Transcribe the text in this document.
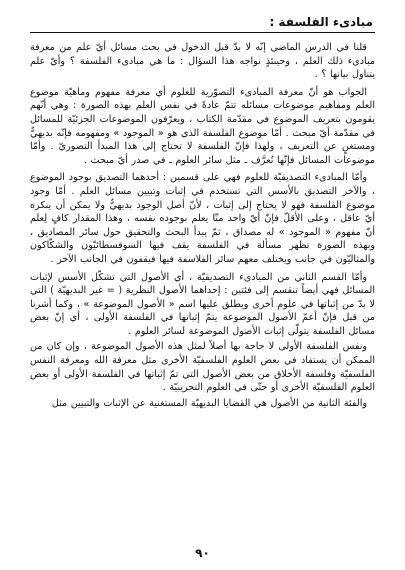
مبادىء الفلسفة :

قلنا في الدرس الماضي إنّه لا بدّ قبل الدخول في بحث مسائل أيّ علم من معرفة مبادىء ذلك العلم ، وحينئذٍ نواجه هذا السؤال : ما هي مبادىء الفلسفة ؟ وأيّ علم يتناول بيانها ؟ .

الجواب هو أنّ معرفة المبادىء التصوّرية للعلوم أي معرفة مفهوم وماهيّة موضوع العلم ومفاهيم موضوعات مسائله تتمّ عادةً في نفس العلم بهذه الصورة : وهي أنّهم يقومون بتعريف الموضوع في مقدّمة الكتاب ، ويعرّفون الموضوعات الجزئيّة للمسائل في مقدّمة أيّ مبحث . أمّا موضوع الفلسفة الذي هو « الموجود » ومفهومه فإنّه بديهيٌّ ومستغنٍ عن التعريف ، ولهذا فإنّ الفلسفة لا تحتاج إلى هذا المبدأ التصوريّ . وأمّا موضوعات المسائل فإنّها تُعرَّف ـ مثل سائر العلوم ـ في صدر أيّ مبحث .

وأمّا المبادىء التصديقيّة للعلوم فهي على قسمين : أحدهما التصديق بوجود الموضوع ، والآخر التصديق بالأسس التي تستخدم في إثبات وتبيين مسائل العلم . أمّا وجود موضوع الفلسفة فهو لا يحتاج إلى إثبات ، لأنّ أصل الوجود بديهيٌّ ولا يمكن أن ينكره أيّ عاقل ، وعلى الأقلّ فإنّ أيّ واحد منّا يعلم بوجوده نفسه ، وهذا المقدار كافٍ لِعلم أنّ مفهوم « الموجود » له مصداق ، ثمّ يبدأ البحث والتحقيق حول سائر المصاديق ، وبهذه الصورة تظهر مسألة في الفلسفة يقف فيها السوفسطائيّون والشكّاكون والمثاليّون في جانب ويختلف معهم سائر الفلاسفة فيها فيقفون في الجانب الآخر .

وأمّا القسم الثاني من المبادىء التصديقيّة ، أي الأصول التي تشكّل الأسس لإثبات المسائل فهي أيضاً تنقسم إلى فئتين : إحداهما الأصول النظرية ( = غير البديهيّة ) التي لا بدّ من إثباتها في علوم أخرى ويطلق عليها اسم « الأصول الموضوعة » ، وكما أشرنا من قبل فإنّ أعمّ الأصول الموضوعة يتمّ إثباتها في الفلسفة الأولى ، أي إنّ بعض مسائل الفلسفة يتولّى إثبات الأصول الموضوعة لسائر العلوم .

ونفس الفلسفة الأولى لا حاجة بها أصلاً لمثل هذه الأصول الموضوعة ، وإن كان من الممكن أن يستفاد في بعض العلوم الفلسفيّة الأخرى مثل معرفة الله ومعرفة النفس الفلسفيّة وفلسفة الأخلاق من بعض الأصول التي تمّ إثباتها في الفلسفة الأولى أو بعض العلوم الفلسفيّة الأخرى أو حتّى في العلوم التجريبيّة .

والفئة الثانية من الأصول هي القضايا البديهيّة المستغنية عن الإثبات والتبيين مثل

٩٠
